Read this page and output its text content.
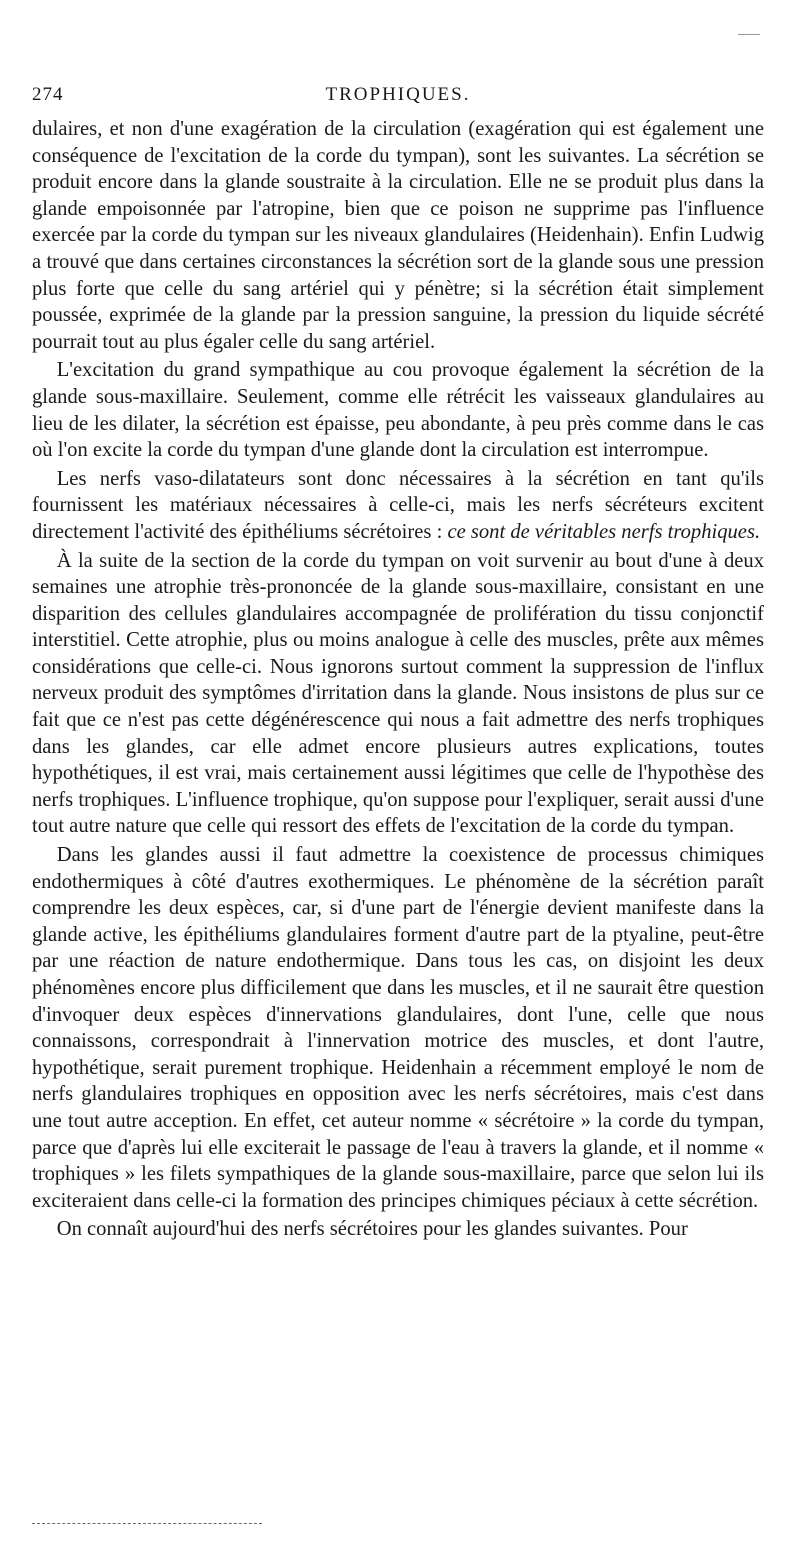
274	TROPHIQUES.

dulaires, et non d'une exagération de la circulation (exagération qui est également une conséquence de l'excitation de la corde du tympan), sont les suivantes. La sécrétion se produit encore dans la glande soustraite à la circulation. Elle ne se produit plus dans la glande empoisonnée par l'atropine, bien que ce poison ne supprime pas l'influence exercée par la corde du tympan sur les niveaux glandulaires (Heidenhain). Enfin Ludwig a trouvé que dans certaines circonstances la sécrétion sort de la glande sous une pression plus forte que celle du sang artériel qui y pénètre; si la sécrétion était simplement poussée, exprimée de la glande par la pression sanguine, la pression du liquide sécrété pourrait tout au plus égaler celle du sang artériel.

L'excitation du grand sympathique au cou provoque également la sécrétion de la glande sous-maxillaire. Seulement, comme elle rétrécit les vaisseaux glandulaires au lieu de les dilater, la sécrétion est épaisse, peu abondante, à peu près comme dans le cas où l'on excite la corde du tympan d'une glande dont la circulation est interrompue.

Les nerfs vaso-dilatateurs sont donc nécessaires à la sécrétion en tant qu'ils fournissent les matériaux nécessaires à celle-ci, mais les nerfs sécréteurs excitent directement l'activité des épithéliums sécrétoires : ce sont de véritables nerfs trophiques.

À la suite de la section de la corde du tympan on voit survenir au bout d'une à deux semaines une atrophie très-prononcée de la glande sous-maxillaire, consistant en une disparition des cellules glandulaires accompagnée de prolifération du tissu conjonctif interstitiel. Cette atrophie, plus ou moins analogue à celle des muscles, prête aux mêmes considérations que celle-ci. Nous ignorons surtout comment la suppression de l'influx nerveux produit des symptômes d'irritation dans la glande. Nous insistons de plus sur ce fait que ce n'est pas cette dégénérescence qui nous a fait admettre des nerfs trophiques dans les glandes, car elle admet encore plusieurs autres explications, toutes hypothétiques, il est vrai, mais certainement aussi légitimes que celle de l'hypothèse des nerfs trophiques. L'influence trophique, qu'on suppose pour l'expliquer, serait aussi d'une tout autre nature que celle qui ressort des effets de l'excitation de la corde du tympan.

Dans les glandes aussi il faut admettre la coexistence de processus chimiques endothermiques à côté d'autres exothermiques. Le phénomène de la sécrétion paraît comprendre les deux espèces, car, si d'une part de l'énergie devient manifeste dans la glande active, les épithéliums glandulaires forment d'autre part de la ptyaline, peut-être par une réaction de nature endothermique. Dans tous les cas, on disjoint les deux phénomènes encore plus difficilement que dans les muscles, et il ne saurait être question d'invoquer deux espèces d'innervations glandulaires, dont l'une, celle que nous connaissons, correspondrait à l'innervation motrice des muscles, et dont l'autre, hypothétique, serait purement trophique. Heidenhain a récemment employé le nom de nerfs glandulaires trophiques en opposition avec les nerfs sécrétoires, mais c'est dans une tout autre acception. En effet, cet auteur nomme « sécrétoire » la corde du tympan, parce que d'après lui elle exciterait le passage de l'eau à travers la glande, et il nomme « trophiques » les filets sympathiques de la glande sous-maxillaire, parce que selon lui ils exciteraient dans celle-ci la formation des principes chimiques péciaux à cette sécrétion.

On connaît aujourd'hui des nerfs sécrétoires pour les glandes suivantes. Pour
